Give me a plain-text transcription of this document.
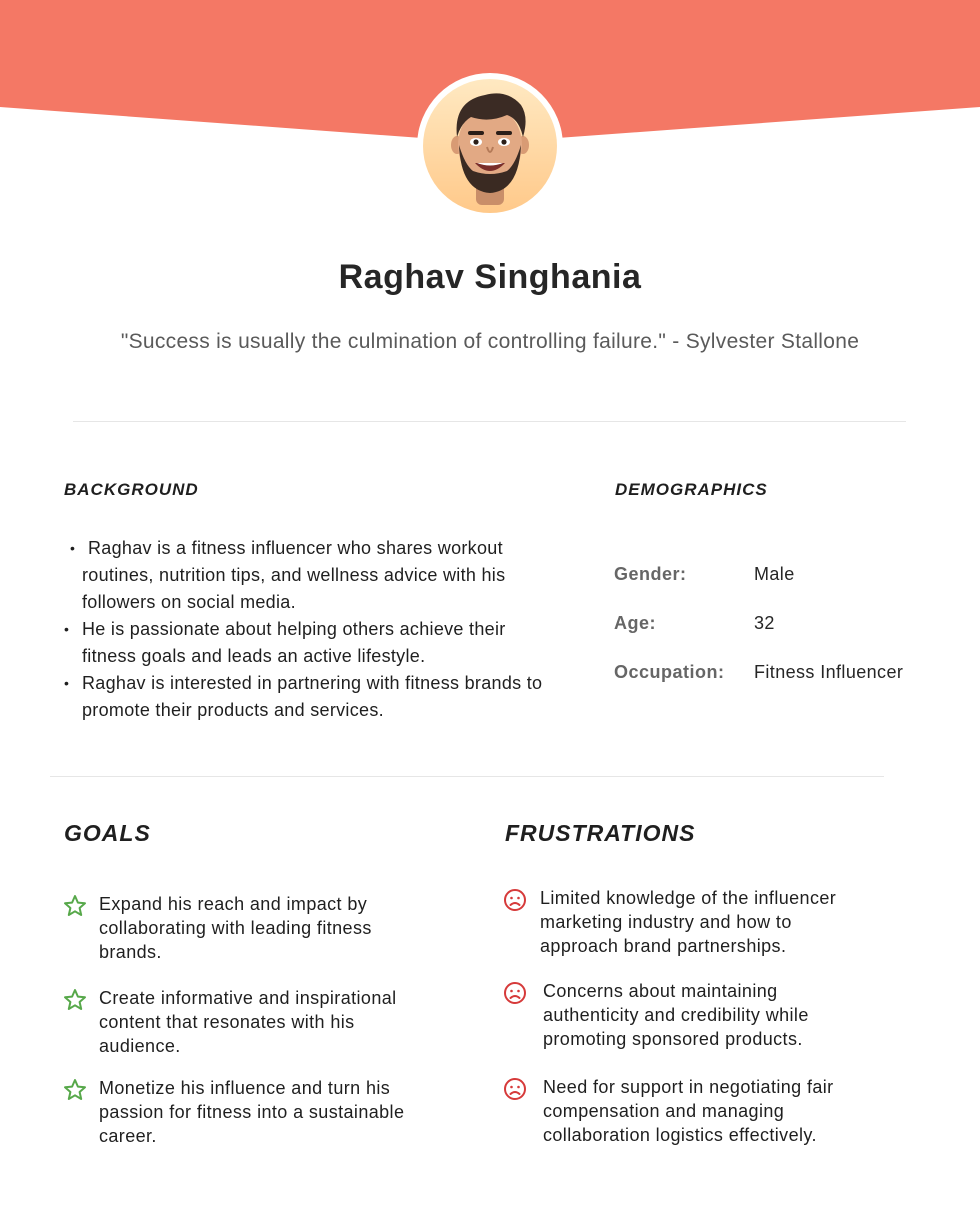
Raghav Singhania

"Success is usually the culmination of controlling failure." - Sylvester Stallone

BACKGROUND
• Raghav is a fitness influencer who shares workout routines, nutrition tips, and wellness advice with his followers on social media.
• He is passionate about helping others achieve their fitness goals and leads an active lifestyle.
• Raghav is interested in partnering with fitness brands to promote their products and services.
DEMOGRAPHICS
Gender:	Male
Age:	32
Occupation: Fitness Influencer
GOALS

Expand his reach and impact by collaborating with leading fitness brands.

Create informative and inspirational content that resonates with his audience.

Monetize his influence and turn his passion for fitness into a sustainable career.

FRUSTRATIONS

Limited knowledge of the influencer marketing industry and how to approach brand partnerships.

Concerns about maintaining authenticity and credibility while promoting sponsored products.

Need for support in negotiating fair compensation and managing collaboration logistics effectively.
